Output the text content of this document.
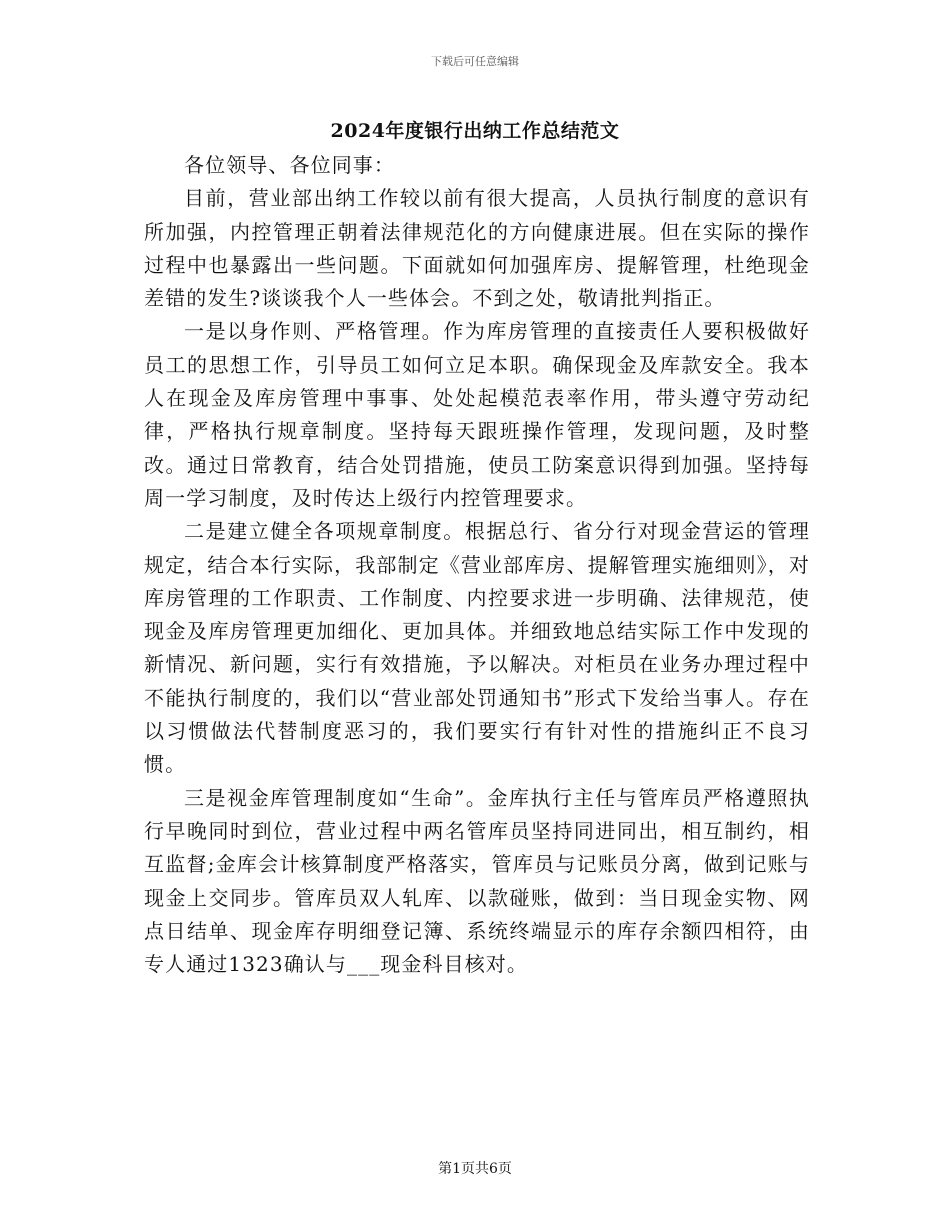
下载后可任意编辑
2024年度银行出纳工作总结范文

各位领导、各位同事：

目前，营业部出纳工作较以前有很大提高，人员执行制度的意识有所加强，内控管理正朝着法律规范化的方向健康进展。但在实际的操作过程中也暴露出一些问题。下面就如何加强库房、提解管理，杜绝现金差错的发生?谈谈我个人一些体会。不到之处，敬请批判指正。

一是以身作则、严格管理。作为库房管理的直接责任人要积极做好员工的思想工作，引导员工如何立足本职。确保现金及库款安全。我本人在现金及库房管理中事事、处处起模范表率作用，带头遵守劳动纪律，严格执行规章制度。坚持每天跟班操作管理，发现问题，及时整改。通过日常教育，结合处罚措施，使员工防案意识得到加强。坚持每周一学习制度，及时传达上级行内控管理要求。

二是建立健全各项规章制度。根据总行、省分行对现金营运的管理规定，结合本行实际，我部制定《营业部库房、提解管理实施细则》，对库房管理的工作职责、工作制度、内控要求进一步明确、法律规范，使现金及库房管理更加细化、更加具体。并细致地总结实际工作中发现的新情况、新问题，实行有效措施，予以解决。对柜员在业务办理过程中不能执行制度的，我们以“营业部处罚通知书”形式下发给当事人。存在以习惯做法代替制度恶习的，我们要实行有针对性的措施纠正不良习惯。

三是视金库管理制度如“生命”。金库执行主任与管库员严格遵照执行早晚同时到位，营业过程中两名管库员坚持同进同出，相互制约，相互监督;金库会计核算制度严格落实，管库员与记账员分离，做到记账与现金上交同步。管库员双人轧库、以款碰账，做到：当日现金实物、网点日结单、现金库存明细登记簿、系统终端显示的库存余额四相符，由专人通过1323确认与___现金科目核对。

第1页共6页
